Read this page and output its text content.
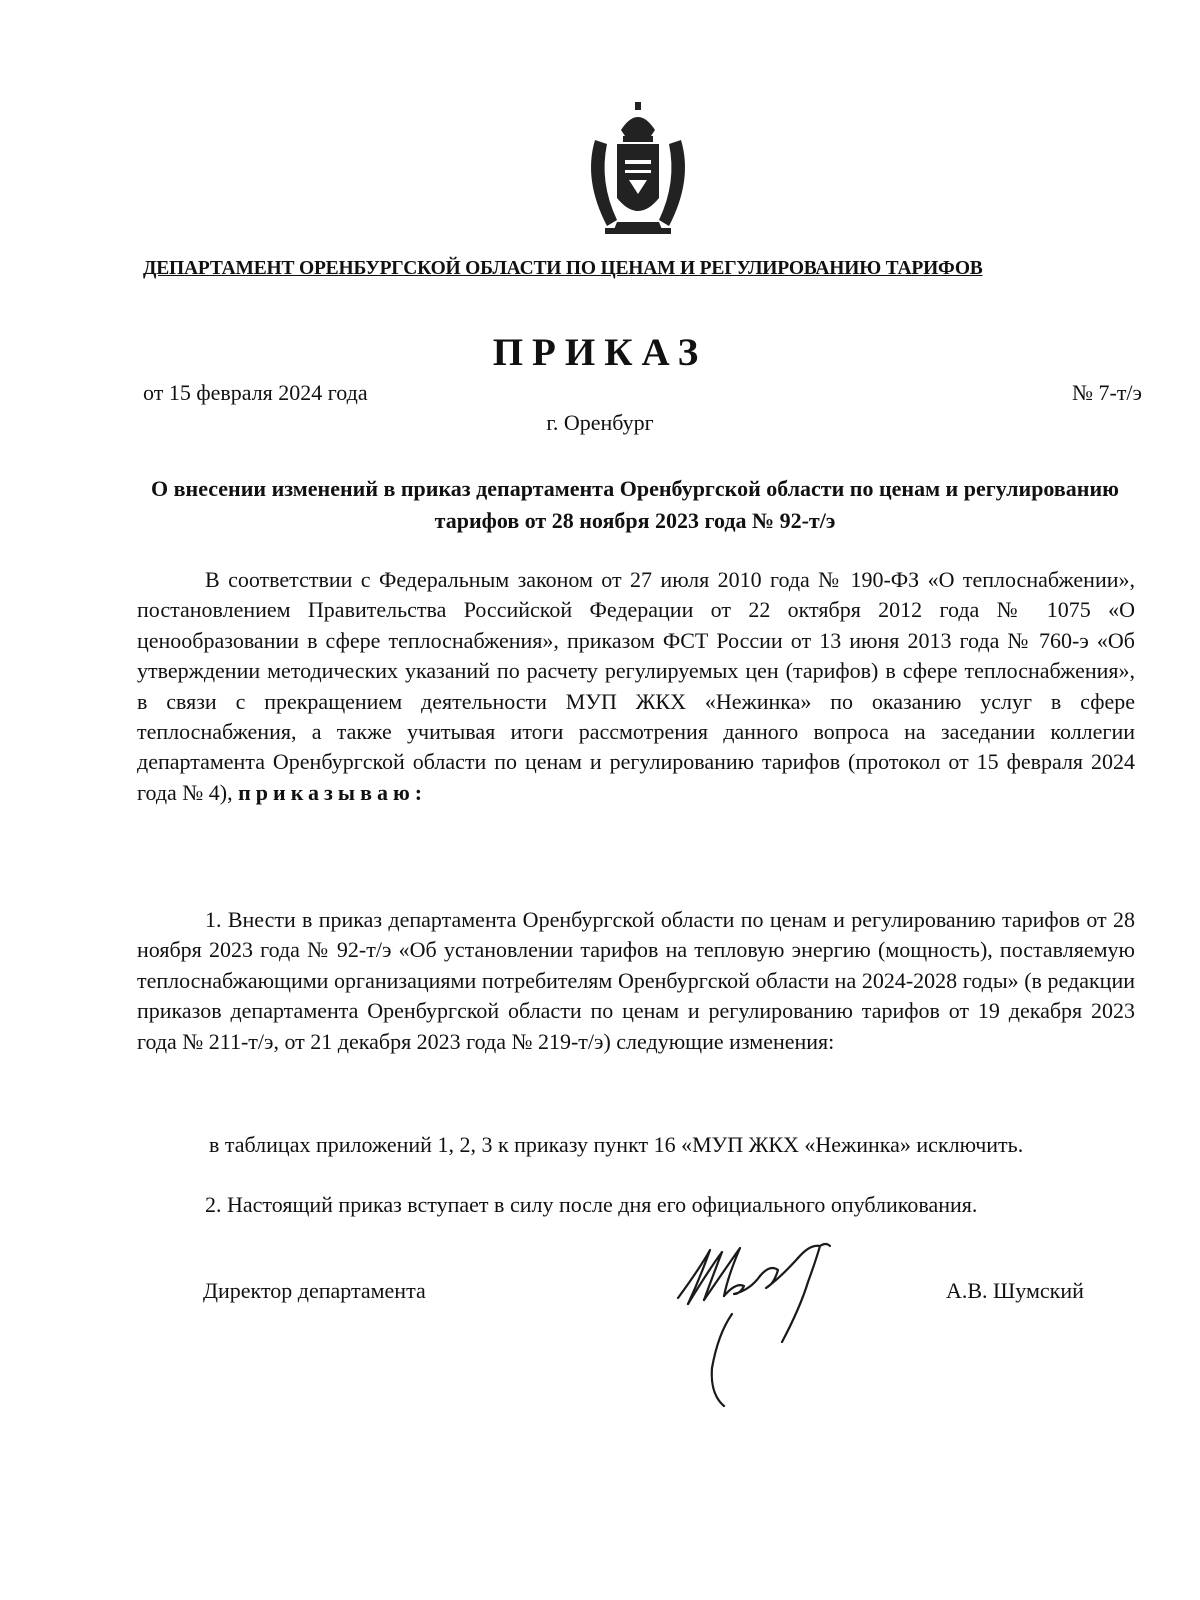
ДЕПАРТАМЕНТ ОРЕНБУРГСКОЙ ОБЛАСТИ ПО ЦЕНАМ И РЕГУЛИРОВАНИЮ ТАРИФОВ
ПРИКАЗ
от 15 февраля 2024 года	№ 7-т/э
г. Оренбург
О внесении изменений в приказ департамента Оренбургской области по ценам и регулированию тарифов от 28 ноября 2023 года № 92-т/э
В соответствии с Федеральным законом от 27 июля 2010 года № 190-ФЗ «О теплоснабжении», постановлением Правительства Российской Федерации от 22 октября 2012 года № 1075 «О ценообразовании в сфере теплоснабжения», приказом ФСТ России от 13 июня 2013 года № 760-э «Об утверждении методических указаний по расчету регулируемых цен (тарифов) в сфере теплоснабжения», в связи с прекращением деятельности МУП ЖКХ «Нежинка» по оказанию услуг в сфере теплоснабжения, а также учитывая итоги рассмотрения данного вопроса на заседании коллегии департамента Оренбургской области по ценам и регулированию тарифов (протокол от 15 февраля 2024 года № 4), приказываю:
1. Внести в приказ департамента Оренбургской области по ценам и регулированию тарифов от 28 ноября 2023 года № 92-т/э «Об установлении тарифов на тепловую энергию (мощность), поставляемую теплоснабжающими организациями потребителям Оренбургской области на 2024-2028 годы» (в редакции приказов департамента Оренбургской области по ценам и регулированию тарифов от 19 декабря 2023 года № 211-т/э, от 21 декабря 2023 года № 219-т/э) следующие изменения:
в таблицах приложений 1, 2, 3 к приказу пункт 16 «МУП ЖКХ «Нежинка» исключить.
2. Настоящий приказ вступает в силу после дня его официального опубликования.
Директор департамента	А.В. Шумский
